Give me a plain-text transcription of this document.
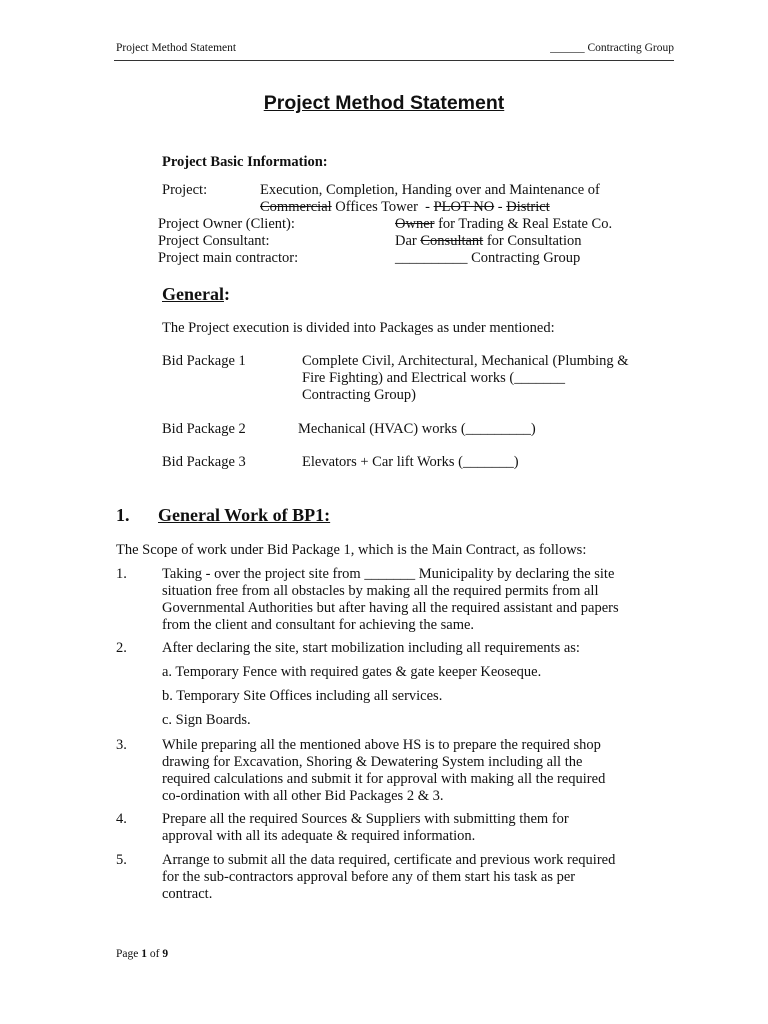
Project Method Statement	______ Contracting Group
Project Method Statement
Project Basic Information:
Project:	Execution, Completion, Handing over and Maintenance of
Commercial Offices Tower  - PLOT NO - District
Project Owner (Client):	Owner for Trading & Real Estate Co.
Project Consultant:	Dar Consultant for Consultation
Project main contractor:	__________ Contracting Group
General:
The Project execution is divided into Packages as under mentioned:
Bid Package 1	Complete Civil, Architectural, Mechanical (Plumbing &
Fire Fighting) and Electrical works (_______
Contracting Group)
Bid Package 2	Mechanical (HVAC) works (_________)
Bid Package 3	Elevators + Car lift Works (_______)
1. General Work of BP1:
The Scope of work under Bid Package 1, which is the Main Contract, as follows:
1. Taking - over the project site from _______ Municipality by declaring the site
situation free from all obstacles by making all the required permits from all
Governmental Authorities but after having all the required assistant and papers
from the client and consultant for achieving the same.
2. After declaring the site, start mobilization including all requirements as:
a. Temporary Fence with required gates & gate keeper Keoseque.
b. Temporary Site Offices including all services.
c. Sign Boards.
3. While preparing all the mentioned above HS is to prepare the required shop
drawing for Excavation, Shoring & Dewatering System including all the
required calculations and submit it for approval with making all the required
co-ordination with all other Bid Packages 2 & 3.
4. Prepare all the required Sources & Suppliers with submitting them for
approval with all its adequate & required information.
5. Arrange to submit all the data required, certificate and previous work required
for the sub-contractors approval before any of them start his task as per
contract.
Page 1 of 9
